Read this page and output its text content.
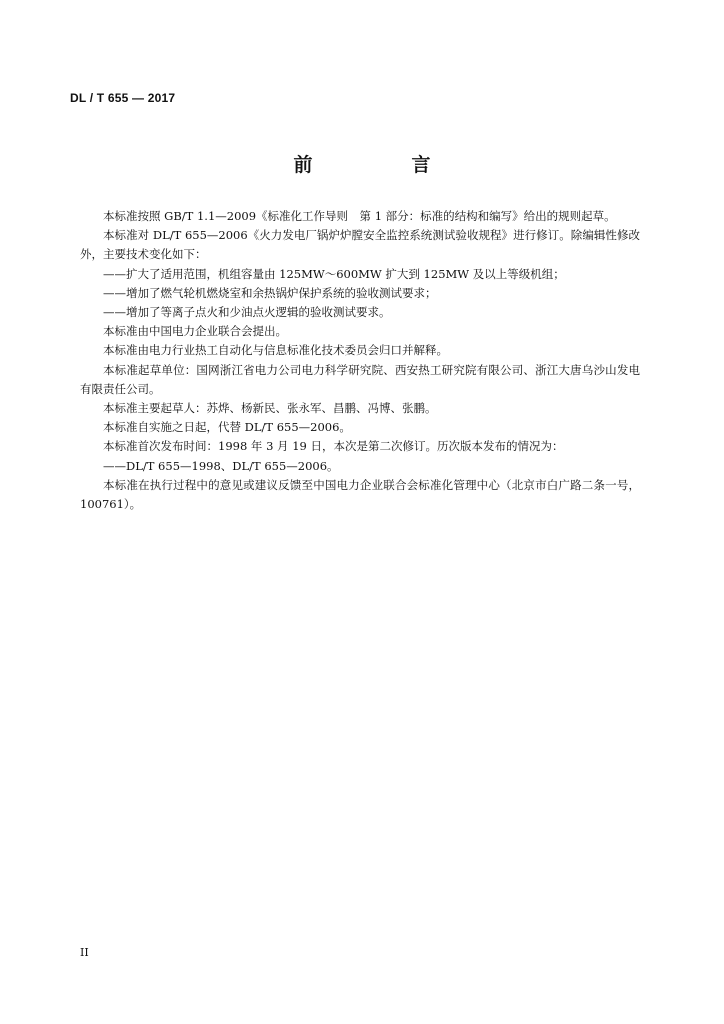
DL / T 655 — 2017
前　言

本标准按照 GB/T 1.1—2009《标准化工作导则　第 1 部分：标准的结构和编写》给出的规则起草。

本标准对 DL/T 655—2006《火力发电厂锅炉炉膛安全监控系统测试验收规程》进行修订。除编辑性修改外，主要技术变化如下：

——扩大了适用范围，机组容量由 125MW～600MW 扩大到 125MW 及以上等级机组；

——增加了燃气轮机燃烧室和余热锅炉保护系统的验收测试要求；

——增加了等离子点火和少油点火逻辑的验收测试要求。

本标准由中国电力企业联合会提出。

本标准由电力行业热工自动化与信息标准化技术委员会归口并解释。

本标准起草单位：国网浙江省电力公司电力科学研究院、西安热工研究院有限公司、浙江大唐乌沙山发电有限责任公司。

本标准主要起草人：苏烨、杨新民、张永军、昌鹏、冯博、张鹏。

本标准自实施之日起，代替 DL/T 655—2006。

本标准首次发布时间：1998 年 3 月 19 日，本次是第二次修订。历次版本发布的情况为：

——DL/T 655—1998、DL/T 655—2006。

本标准在执行过程中的意见或建议反馈至中国电力企业联合会标准化管理中心（北京市白广路二条一号，100761）。

II
